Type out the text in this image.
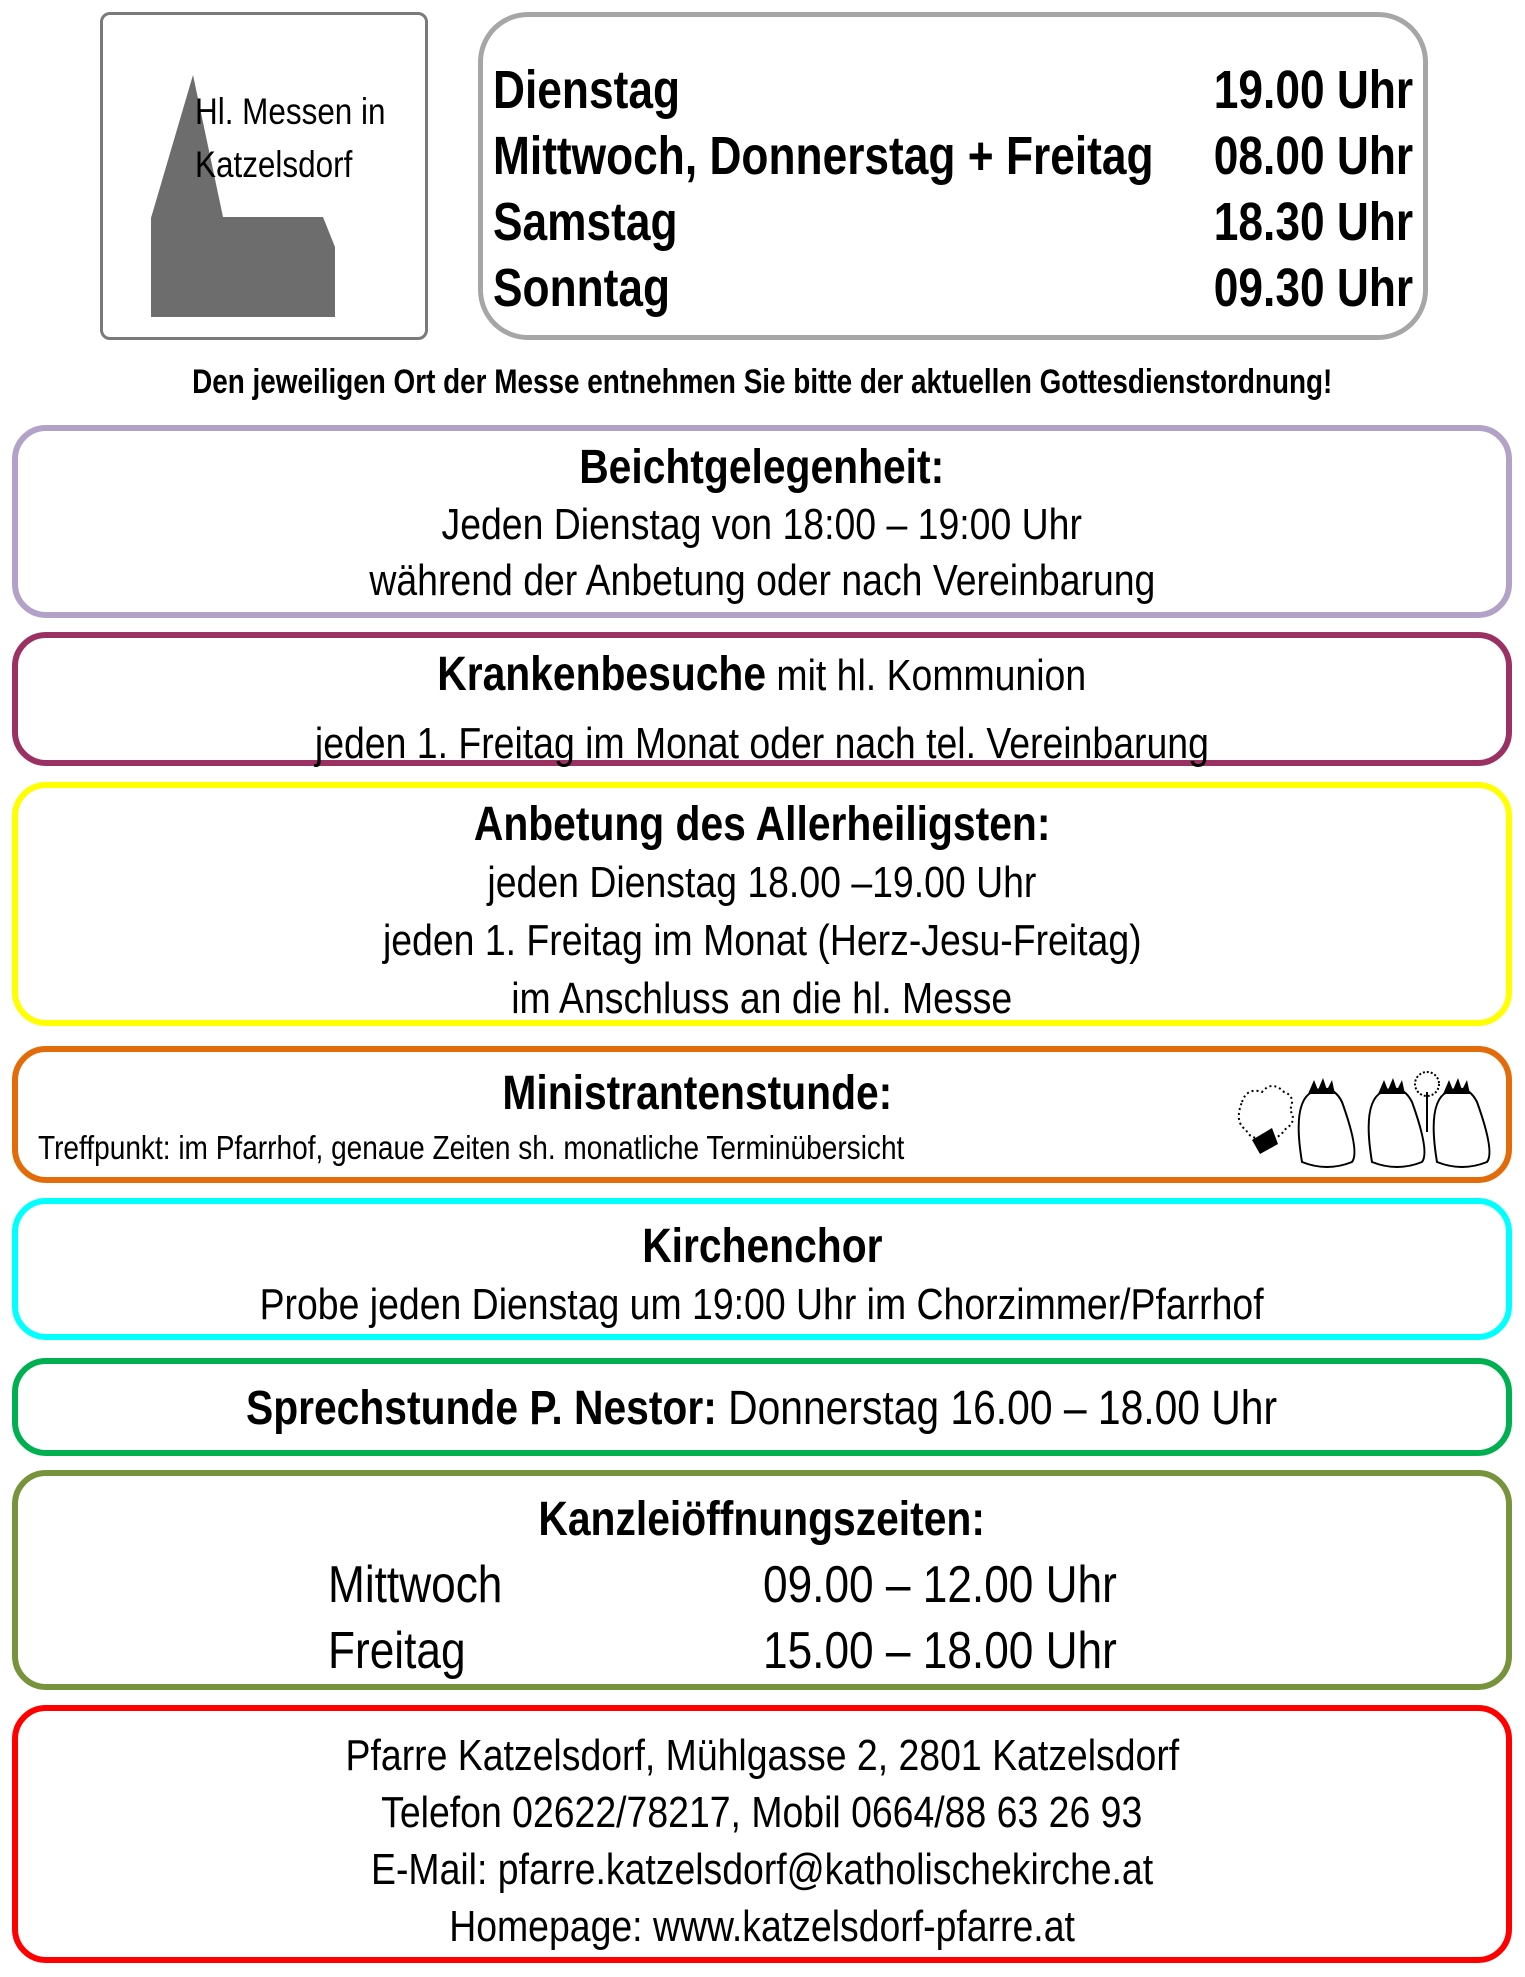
Hl. Messen in
Katzelsdorf
Dienstag	19.00 Uhr
Mittwoch, Donnerstag + Freitag 08.00 Uhr
Samstag	18.30 Uhr
Sonntag	09.30 Uhr
Den jeweiligen Ort der Messe entnehmen Sie bitte der aktuellen Gottesdienstordnung!
Beichtgelegenheit:
Jeden Dienstag von 18:00 – 19:00 Uhr
während der Anbetung oder nach Vereinbarung
Krankenbesuche mit hl. Kommunion
jeden 1. Freitag im Monat oder nach tel. Vereinbarung
Anbetung des Allerheiligsten:
jeden Dienstag 18.00 –19.00 Uhr
jeden 1. Freitag im Monat (Herz-Jesu-Freitag)
im Anschluss an die hl. Messe
Ministrantenstunde:
Treffpunkt: im Pfarrhof, genaue Zeiten sh. monatliche Terminübersicht
Kirchenchor
Probe jeden Dienstag um 19:00 Uhr im Chorzimmer/Pfarrhof
Sprechstunde P. Nestor: Donnerstag 16.00 – 18.00 Uhr
Kanzleiöffnungszeiten:
Mittwoch	09.00 – 12.00 Uhr
Freitag	15.00 – 18.00 Uhr
Pfarre Katzelsdorf, Mühlgasse 2, 2801 Katzelsdorf
Telefon 02622/78217, Mobil 0664/88 63 26 93
E-Mail: pfarre.katzelsdorf@katholischekirche.at
Homepage: www.katzelsdorf-pfarre.at
